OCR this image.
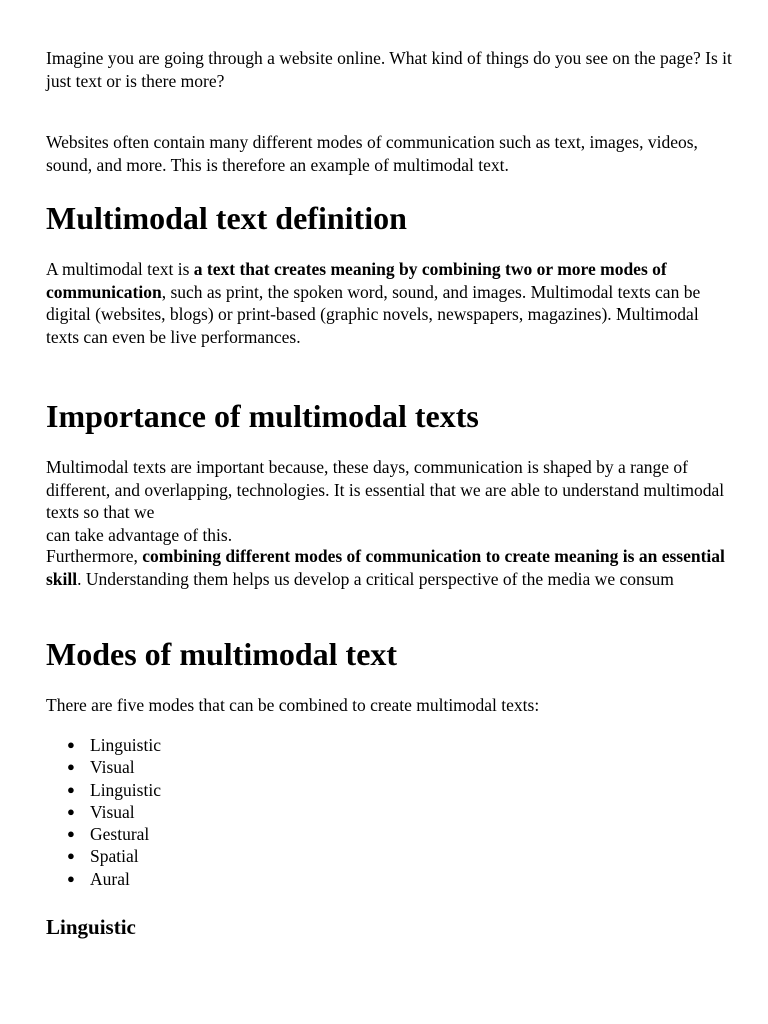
Imagine you are going through a website online. What kind of things do you see on the page? Is it just text or is there more?

Websites often contain many different modes of communication such as text, images, videos, sound, and more. This is therefore an example of multimodal text.

Multimodal text definition

A multimodal text is a text that creates meaning by combining two or more modes of communication, such as print, the spoken word, sound, and images. Multimodal texts can be digital (websites, blogs) or print-based (graphic novels, newspapers, magazines). Multimodal texts can even be live performances.

Importance of multimodal texts

Multimodal texts are important because, these days, communication is shaped by a range of different, and overlapping, technologies. It is essential that we are able to understand multimodal texts so that we
can take advantage of this.

Furthermore, combining different modes of communication to create meaning is an essential skill. Understanding them helps us develop a critical perspective of the media we consum

Modes of multimodal text

There are five modes that can be combined to create multimodal texts:

● Linguistic
● Visual
● Linguistic
● Visual
● Gestural
● Spatial
● Aural
Linguistic
